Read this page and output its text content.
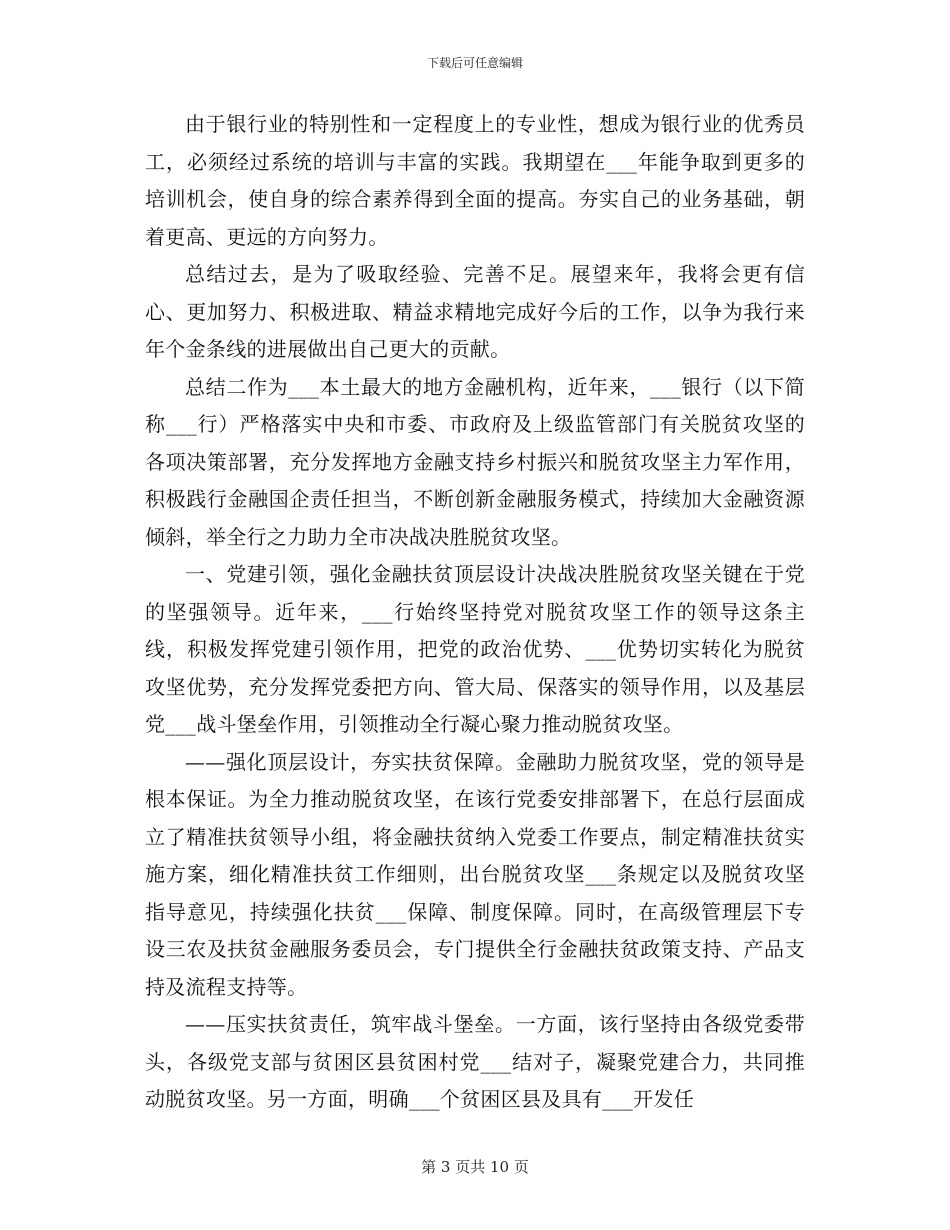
下载后可任意编辑

由于银行业的特别性和一定程度上的专业性，想成为银行业的优秀员工，必须经过系统的培训与丰富的实践。我期望在___年能争取到更多的培训机会，使自身的综合素养得到全面的提高。夯实自己的业务基础，朝着更高、更远的方向努力。

总结过去，是为了吸取经验、完善不足。展望来年，我将会更有信心、更加努力、积极进取、精益求精地完成好今后的工作，以争为我行来年个金条线的进展做出自己更大的贡献。

总结二作为___本土最大的地方金融机构，近年来，___银行（以下简称___行）严格落实中央和市委、市政府及上级监管部门有关脱贫攻坚的各项决策部署，充分发挥地方金融支持乡村振兴和脱贫攻坚主力军作用，积极践行金融国企责任担当，不断创新金融服务模式，持续加大金融资源倾斜，举全行之力助力全市决战决胜脱贫攻坚。

一、党建引领，强化金融扶贫顶层设计决战决胜脱贫攻坚关键在于党的坚强领导。近年来，___行始终坚持党对脱贫攻坚工作的领导这条主线，积极发挥党建引领作用，把党的政治优势、___优势切实转化为脱贫攻坚优势，充分发挥党委把方向、管大局、保落实的领导作用，以及基层党___战斗堡垒作用，引领推动全行凝心聚力推动脱贫攻坚。

——强化顶层设计，夯实扶贫保障。金融助力脱贫攻坚，党的领导是根本保证。为全力推动脱贫攻坚，在该行党委安排部署下，在总行层面成立了精准扶贫领导小组，将金融扶贫纳入党委工作要点，制定精准扶贫实施方案，细化精准扶贫工作细则，出台脱贫攻坚___条规定以及脱贫攻坚指导意见，持续强化扶贫___保障、制度保障。同时，在高级管理层下专设三农及扶贫金融服务委员会，专门提供全行金融扶贫政策支持、产品支持及流程支持等。

——压实扶贫责任，筑牢战斗堡垒。一方面，该行坚持由各级党委带头，各级党支部与贫困区县贫困村党___结对子，凝聚党建合力，共同推动脱贫攻坚。另一方面，明确___个贫困区县及具有___开发任

第 3 页共 10 页
